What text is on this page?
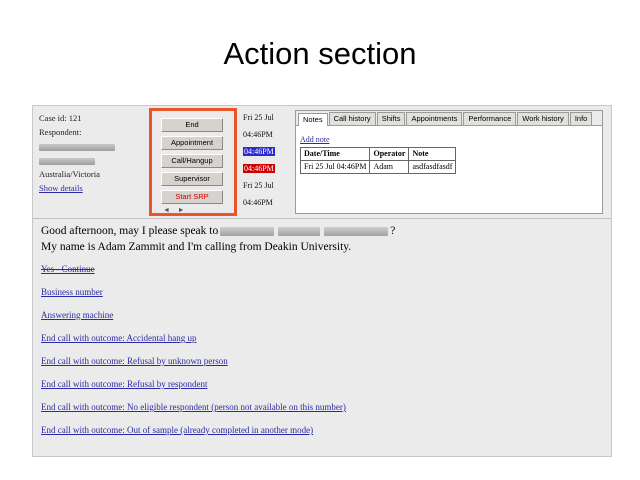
Action section
Case id: 121
Respondent:
Australia/Victoria
Show details
End
Appointment
Call/Hangup
Supervisor
Start SRP
Fri 25 Jul
04:46PM
04:46PM
04:46PM
Fri 25 Jul
04:46PM
◄ ►
Notes	Call history	Shifts	Appointments	Performance	Work history	Info
Add note
Date/Time	Operator	Note
Fri 25 Jul 04:46PM	Adam	asdfasdfasdf
Good afternoon, may I please speak to	?
My name is Adam Zammit and I'm calling from Deakin University.
Yes - Continue
Business number
Answering machine
End call with outcome: Accidental hang up
End call with outcome: Refusal by unknown person
End call with outcome: Refusal by respondent
End call with outcome: No eligible respondent (person not available on this number)
End call with outcome: Out of sample (already completed in another mode)
